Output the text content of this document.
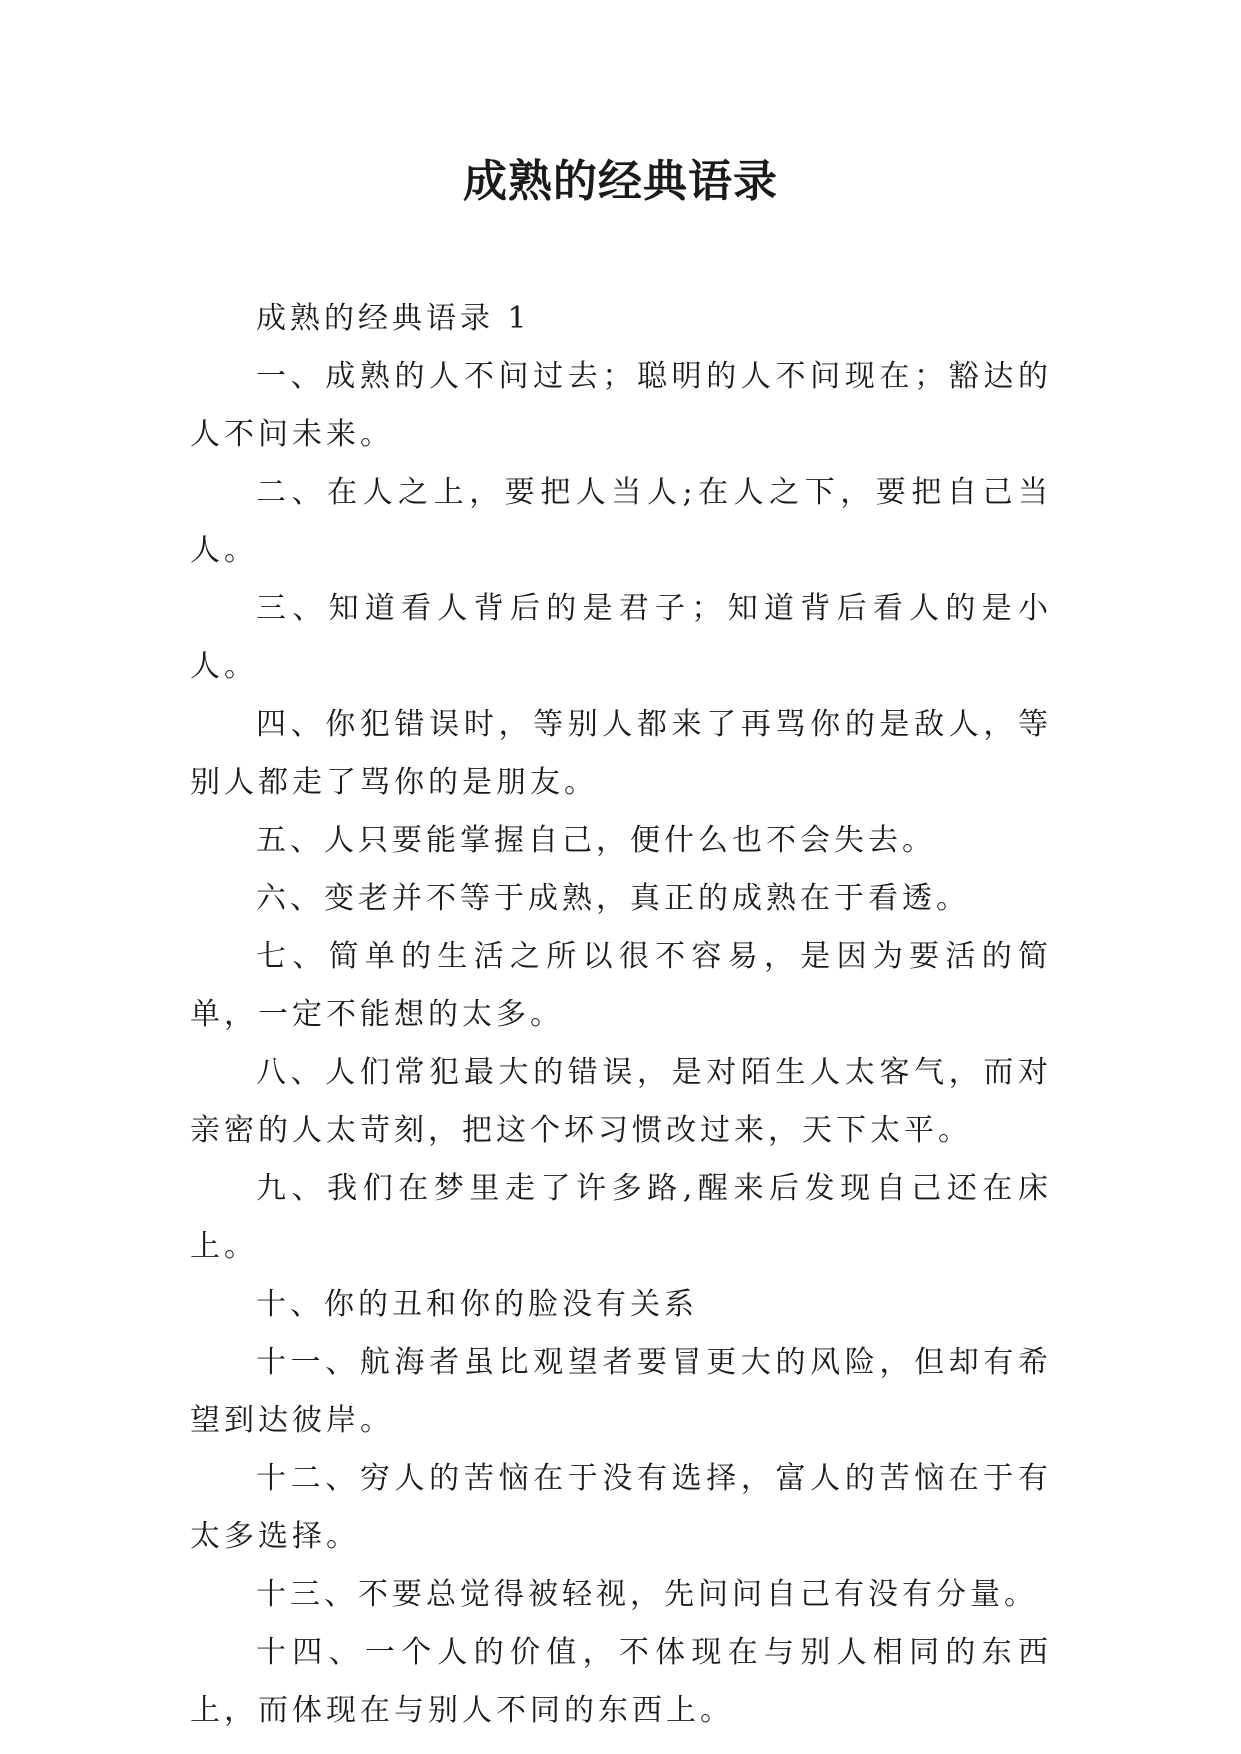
成熟的经典语录

成熟的经典语录 1

一、成熟的人不问过去；聪明的人不问现在；豁达的人不问未来。

二、在人之上，要把人当人;在人之下，要把自己当人。

三、知道看人背后的是君子；知道背后看人的是小人。

四、你犯错误时，等别人都来了再骂你的是敌人，等别人都走了骂你的是朋友。

五、人只要能掌握自己，便什么也不会失去。

六、变老并不等于成熟，真正的成熟在于看透。

七、简单的生活之所以很不容易，是因为要活的简单，一定不能想的太多。

八、人们常犯最大的错误，是对陌生人太客气，而对亲密的人太苛刻，把这个坏习惯改过来，天下太平。

九、我们在梦里走了许多路,醒来后发现自己还在床上。

十、你的丑和你的脸没有关系

十一、航海者虽比观望者要冒更大的风险，但却有希望到达彼岸。

十二、穷人的苦恼在于没有选择，富人的苦恼在于有太多选择。

十三、不要总觉得被轻视，先问问自己有没有分量。

十四、一个人的价值，不体现在与别人相同的东西上，而体现在与别人不同的东西上。
